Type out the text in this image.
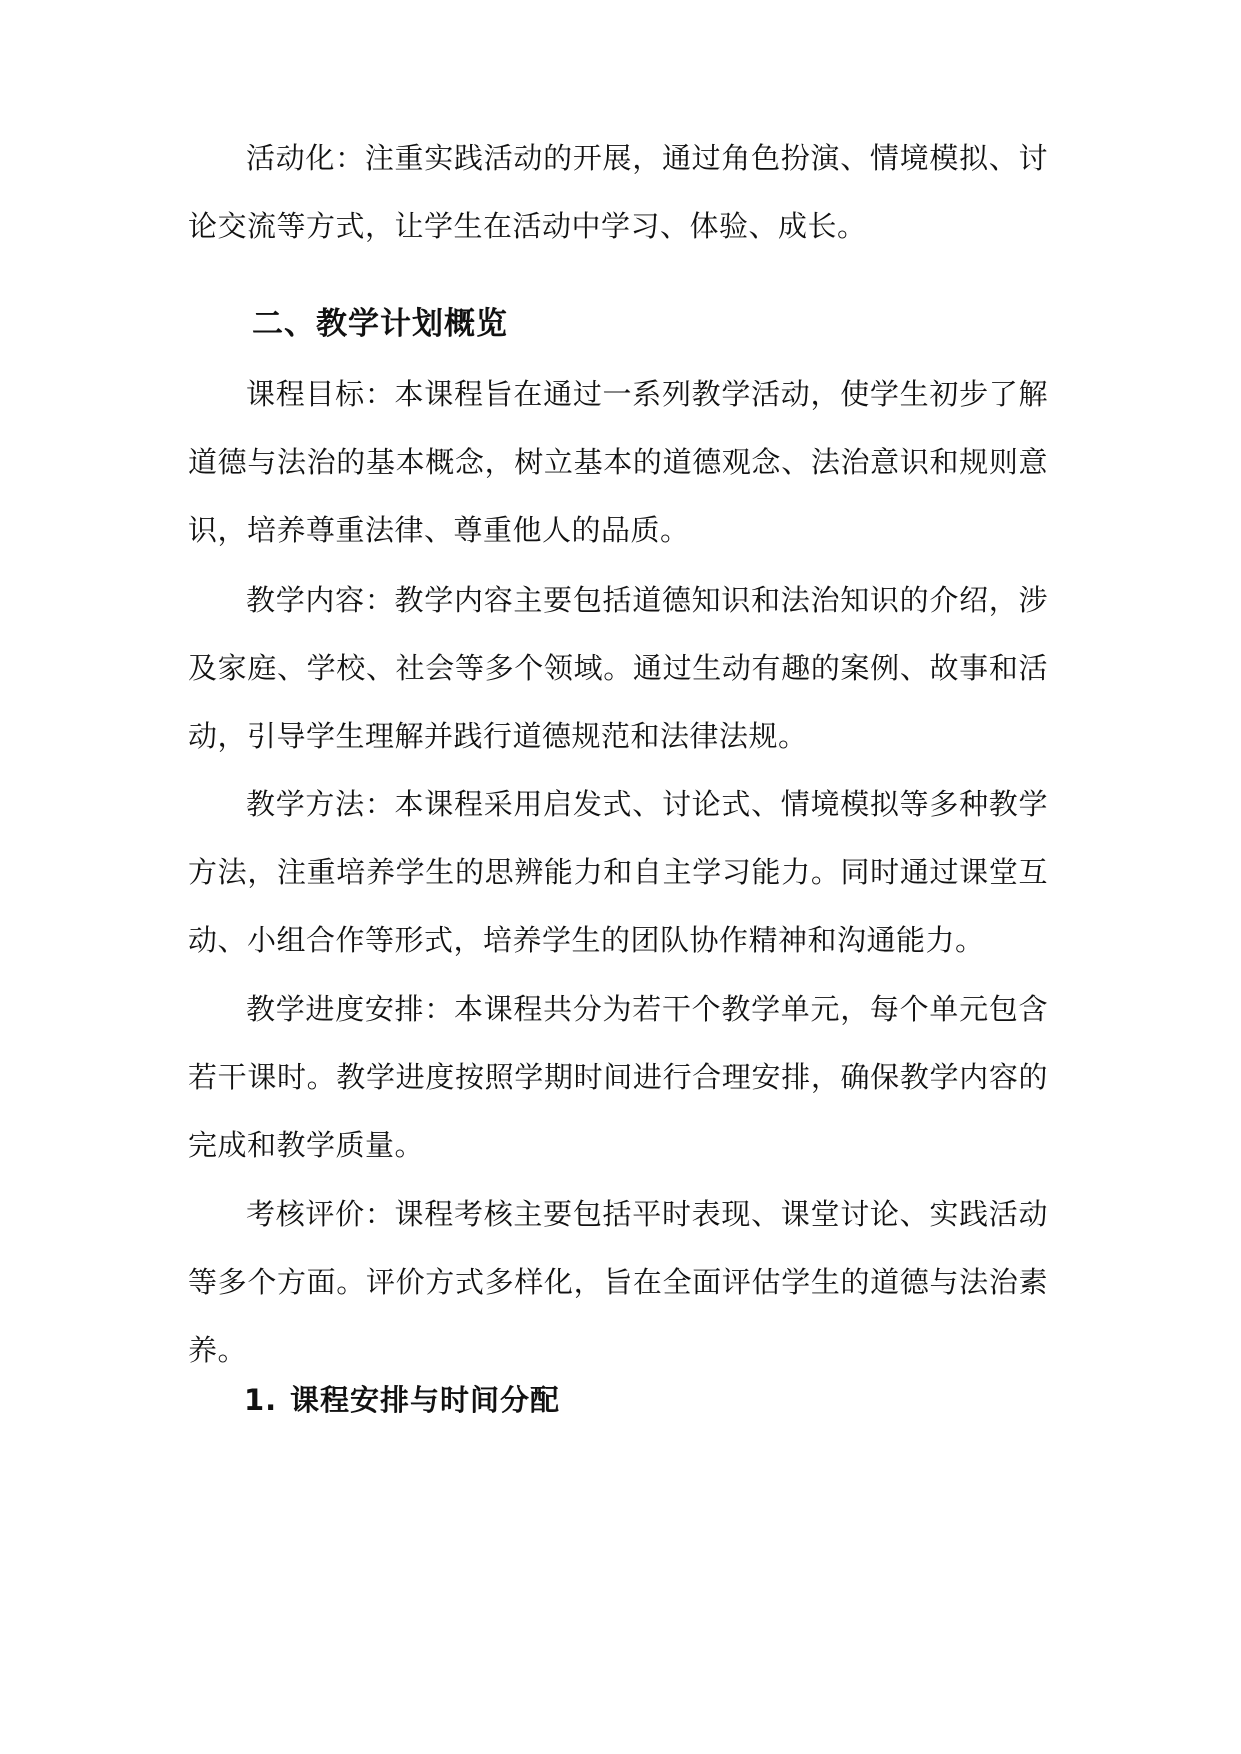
活动化：注重实践活动的开展，通过角色扮演、情境模拟、讨论交流等方式，让学生在活动中学习、体验、成长。

二、教学计划概览

课程目标：本课程旨在通过一系列教学活动，使学生初步了解道德与法治的基本概念，树立基本的道德观念、法治意识和规则意识，培养尊重法律、尊重他人的品质。

教学内容：教学内容主要包括道德知识和法治知识的介绍，涉及家庭、学校、社会等多个领域。通过生动有趣的案例、故事和活动，引导学生理解并践行道德规范和法律法规。

教学方法：本课程采用启发式、讨论式、情境模拟等多种教学方法，注重培养学生的思辨能力和自主学习能力。同时通过课堂互动、小组合作等形式，培养学生的团队协作精神和沟通能力。

教学进度安排：本课程共分为若干个教学单元，每个单元包含若干课时。教学进度按照学期时间进行合理安排，确保教学内容的完成和教学质量。

考核评价：课程考核主要包括平时表现、课堂讨论、实践活动等多个方面。评价方式多样化，旨在全面评估学生的道德与法治素养。

1. 课程安排与时间分配
